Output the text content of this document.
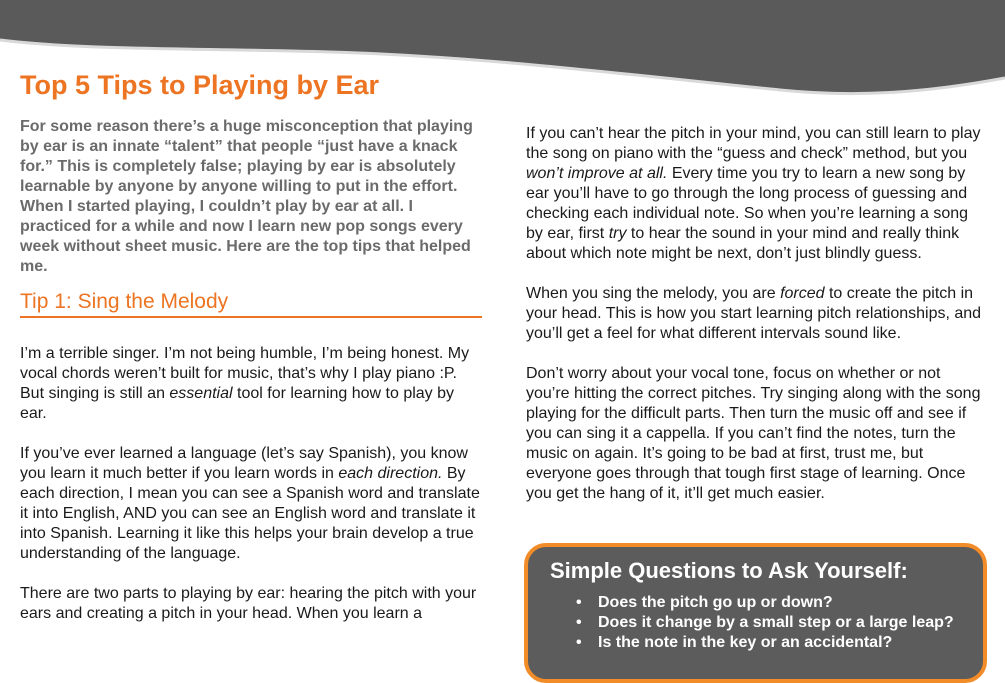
Top 5 Tips to Playing by Ear

For some reason there’s a huge misconception that playing by ear is an innate “talent” that people “just have a knack for.” This is completely false; playing by ear is absolutely learnable by anyone by anyone willing to put in the effort. When I started playing, I couldn’t play by ear at all. I practiced for a while and now I learn new pop songs every week without sheet music. Here are the top tips that helped me.

Tip 1: Sing the Melody

I’m a terrible singer. I’m not being humble, I’m being honest. My vocal chords weren’t built for music, that’s why I play piano :P. But singing is still an essential tool for learning how to play by ear.

If you’ve ever learned a language (let’s say Spanish), you know you learn it much better if you learn words in each direction. By each direction, I mean you can see a Spanish word and translate it into English, AND you can see an English word and translate it into Spanish. Learning it like this helps your brain develop a true understanding of the language.

There are two parts to playing by ear: hearing the pitch with your ears and creating a pitch in your head. When you learn a

If you can’t hear the pitch in your mind, you can still learn to play the song on piano with the “guess and check” method, but you won’t improve at all. Every time you try to learn a new song by ear you’ll have to go through the long process of guessing and checking each individual note. So when you’re learning a song by ear, first try to hear the sound in your mind and really think about which note might be next, don’t just blindly guess.

When you sing the melody, you are forced to create the pitch in your head. This is how you start learning pitch relationships, and you’ll get a feel for what different intervals sound like.

Don’t worry about your vocal tone, focus on whether or not you’re hitting the correct pitches. Try singing along with the song playing for the difficult parts. Then turn the music off and see if you can sing it a cappella. If you can’t find the notes, turn the music on again. It’s going to be bad at first, trust me, but everyone goes through that tough first stage of learning. Once you get the hang of it, it’ll get much easier.

Simple Questions to Ask Yourself:
• Does the pitch go up or down?
• Does it change by a small step or a large leap?
• Is the note in the key or an accidental?
